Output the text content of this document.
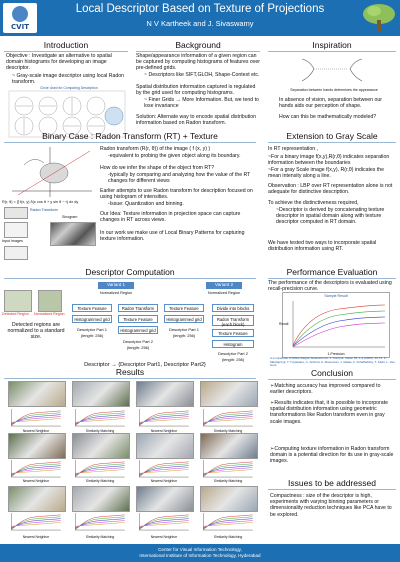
CVIT
Local Descriptor Based on Texture of Projections
N V Kartheek and J. Sivaswamy
Introduction
Objective : Investigate an alternative to spatial domain histograms for developing an image descriptor.
~ Gray-scale image descriptor using local Radon transform.
Circle Used for Computing Description
Background
Shape/appearance information of a given region can be captured by computing histograms of features over pre-defined grids.
~ Descriptors like SIFT,GLOH, Shape-Context etc.
Spatial distribution information captured is regulated by the grid used for computing histograms.
~ Finer Grids → More Information. But, we tend to lose invariance
Solution: Alternate way to encode spatial distribution information based on Radon transform.
Inspiration
Separation between hands determines the appearance
In absence of vision, separation between our hands aids our perception of shape.
How can this be mathematically modeled?
Binary Case : Radon Transform (RT) + Texture
R(r, θ) = ∫∫ f(x, y) δ(x cos θ + y sin θ − r) dx dy
Radon Transform
Input Images
Sinogram
Radon transform (R(r, θ)) of the image ( f (x, y) )
-equivalent to probing the given object along its boundary.
How do we infer the shape of the object from RT?
-typically by comparing and analyzing how the value of the RT changes for different views
Earlier attempts to use Radon transform for description focused on using histogram of intensities.
-Issue: Quantization and binning.
Our Idea: Texture information in projection space can capture changes in RT across views.
In our work we make use of Local Binary Patterns for capturing texture information.
Extension to Gray Scale
In RT representation ,
~For a binary image f(x,y),R(r,θ) indicates separation information between the boundaries
~For a gray Scale image f(x,y), R(r,θ) indicates the mean intensity along a line.
Observation : LBP over RT representation alone is not adequate for distinctive description.
To achieve the distinctiveness required,
~Descriptor is derived by concatenating texture descriptor in spatial domain along with texture descriptor computed in RT domain.
We have tested two ways to incorporate spatial distribution information using RT.
Descriptor Computation
Detected Region	Normalized Region
Detected regions are normalized to a standard size.
Variant 1
Normalized Region
Texture Feature	Radon Transform
Histogrammed grid	Texture Feature
Histogrammed grid
Descriptor Part 1 (length: 256)
Descriptor Part 2 (length: 256)
Variant 2
Normalized Region
Texture Feature	Divide into blocks
Histogrammed grid	Radon Transform (each block)
Texture Feature
Histogram
Descriptor Part 1 (length: 256)
Descriptor Part 2 (length: 256)
Descriptor → {Descriptor Part1, Descriptor Part2}
Performance Evaluation
The performance of the descriptors is evaluated using recall-precision curve.
Sample Result
1-Precision
Recall
A comparison of Affine Region Detectors,Int. J. Comput. Vision 65, 1-2 (2005), 43-72. K. Mikolajczyk, T. Tuytelaars, C. Schmid, A. Zisserman, J. Matas, F. Schaffalitzky, T. Kadir, L. Van Gool.
Results
Nearest Neighbor	Similarity Matching	Nearest Neighbor	Similarity Matching
Nearest Neighbor	Similarity Matching	Nearest Neighbor	Similarity Matching
Nearest Neighbor	Similarity Matching	Nearest Neighbor	Similarity Matching
Conclusion
➢Matching accuracy has improved compared to earlier descriptors.
➢Results indicates that, it is possible to incorporate spatial distribution information using geometric transformations like Radon transform even in gray scale images.
➢Computing texture information in Radon transform domain is a potential direction for its use in gray-scale images.
Issues to be addressed
Compactness : size of the descriptor is high, experiments with varying binning parameters or dimensionality reduction techniques like PCA have to be explored.
Center for Visual Information Technology,
International Institute of Information Technology, Hyderabad
